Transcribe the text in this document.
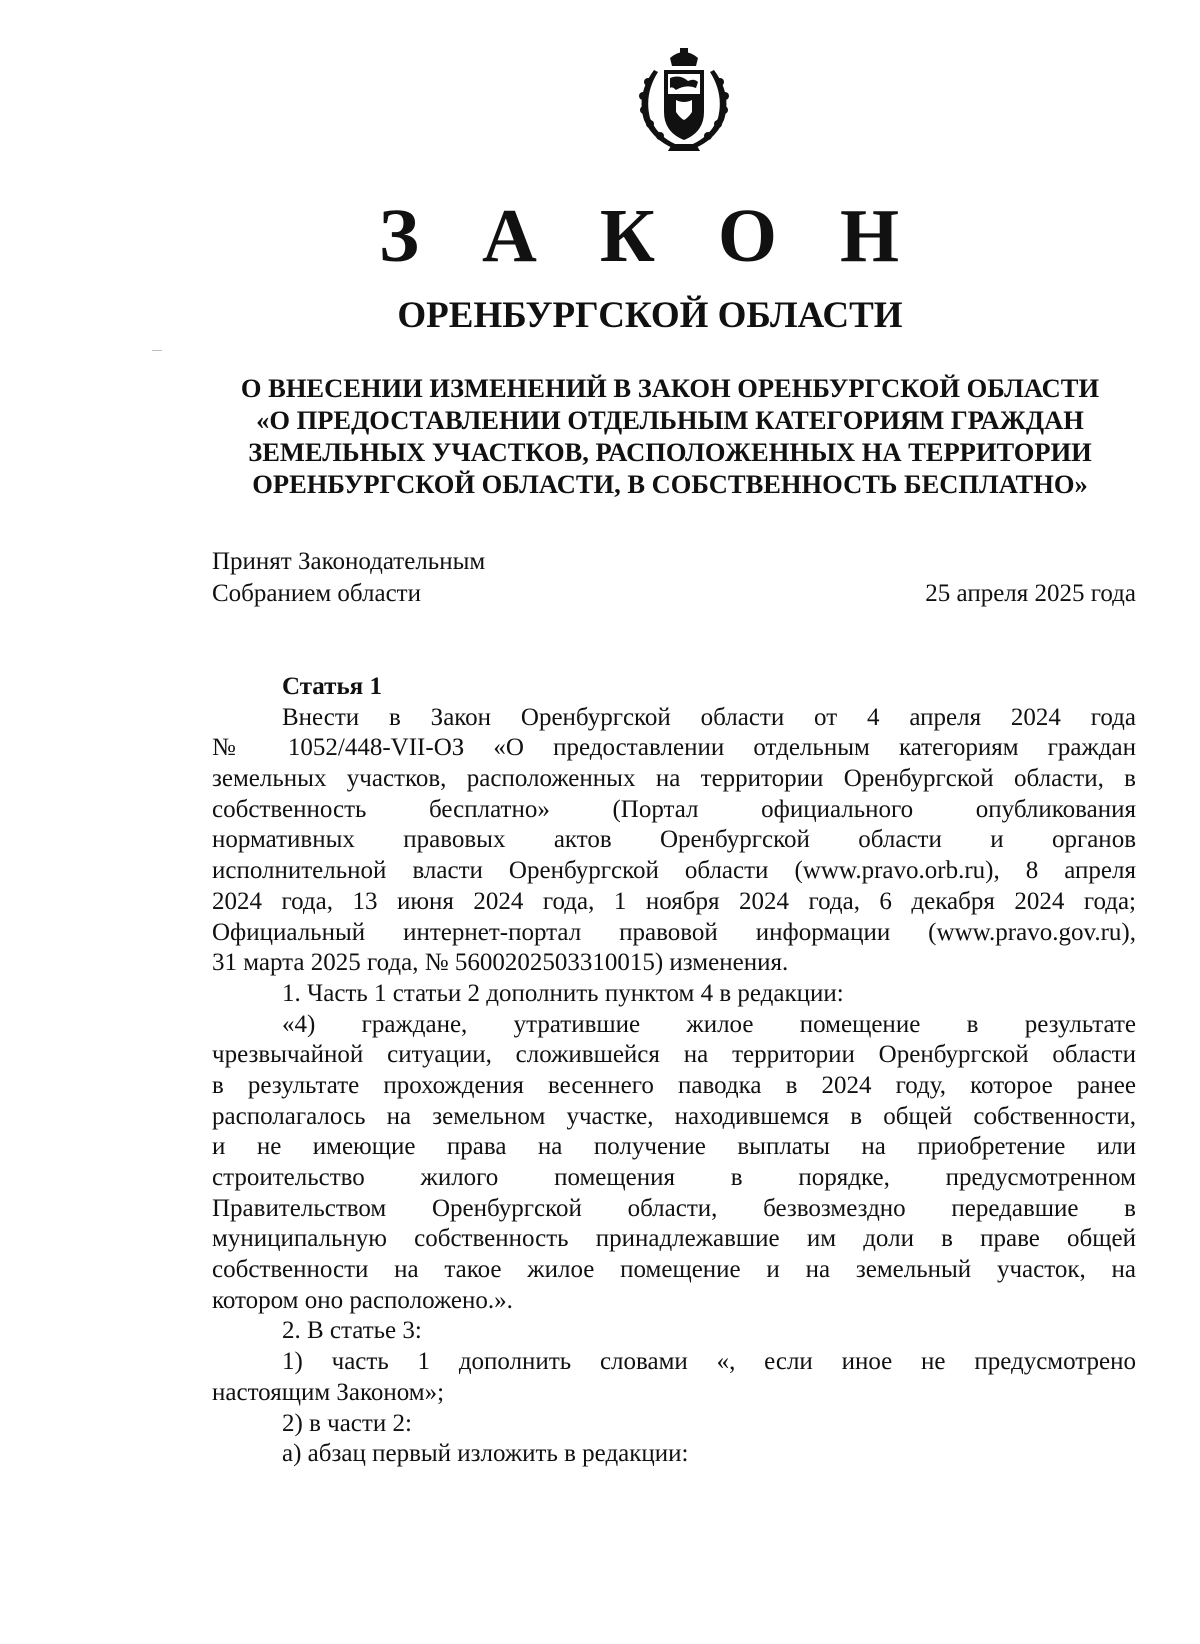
З А К О Н
ОРЕНБУРГСКОЙ ОБЛАСТИ
О ВНЕСЕНИИ ИЗМЕНЕНИЙ В ЗАКОН ОРЕНБУРГСКОЙ ОБЛАСТИ
«О ПРЕДОСТАВЛЕНИИ ОТДЕЛЬНЫМ КАТЕГОРИЯМ ГРАЖДАН
ЗЕМЕЛЬНЫХ УЧАСТКОВ, РАСПОЛОЖЕННЫХ НА ТЕРРИТОРИИ
ОРЕНБУРГСКОЙ ОБЛАСТИ, В СОБСТВЕННОСТЬ БЕСПЛАТНО»
Принят Законодательным
Собранием области	25 апреля 2025 года
Статья 1
Внести в Закон Оренбургской области от 4 апреля 2024 года
№ 1052/448-VII-ОЗ «О предоставлении отдельным категориям граждан
земельных участков, расположенных на территории Оренбургской области, в
собственность бесплатно» (Портал официального опубликования
нормативных правовых актов Оренбургской области и органов
исполнительной власти Оренбургской области (www.pravo.orb.ru), 8 апреля
2024 года, 13 июня 2024 года, 1 ноября 2024 года, 6 декабря 2024 года;
Официальный интернет-портал правовой информации (www.pravo.gov.ru),
31 марта 2025 года, № 5600202503310015) изменения.
1. Часть 1 статьи 2 дополнить пунктом 4 в редакции:
«4) граждане, утратившие жилое помещение в результате
чрезвычайной ситуации, сложившейся на территории Оренбургской области
в результате прохождения весеннего паводка в 2024 году, которое ранее
располагалось на земельном участке, находившемся в общей собственности,
и не имеющие права на получение выплаты на приобретение или
строительство жилого помещения в порядке, предусмотренном
Правительством Оренбургской области, безвозмездно передавшие в
муниципальную собственность принадлежавшие им доли в праве общей
собственности на такое жилое помещение и на земельный участок, на
котором оно расположено.».
2. В статье 3:
1) часть 1 дополнить словами «, если иное не предусмотрено
настоящим Законом»;
2) в части 2:
а) абзац первый изложить в редакции:
